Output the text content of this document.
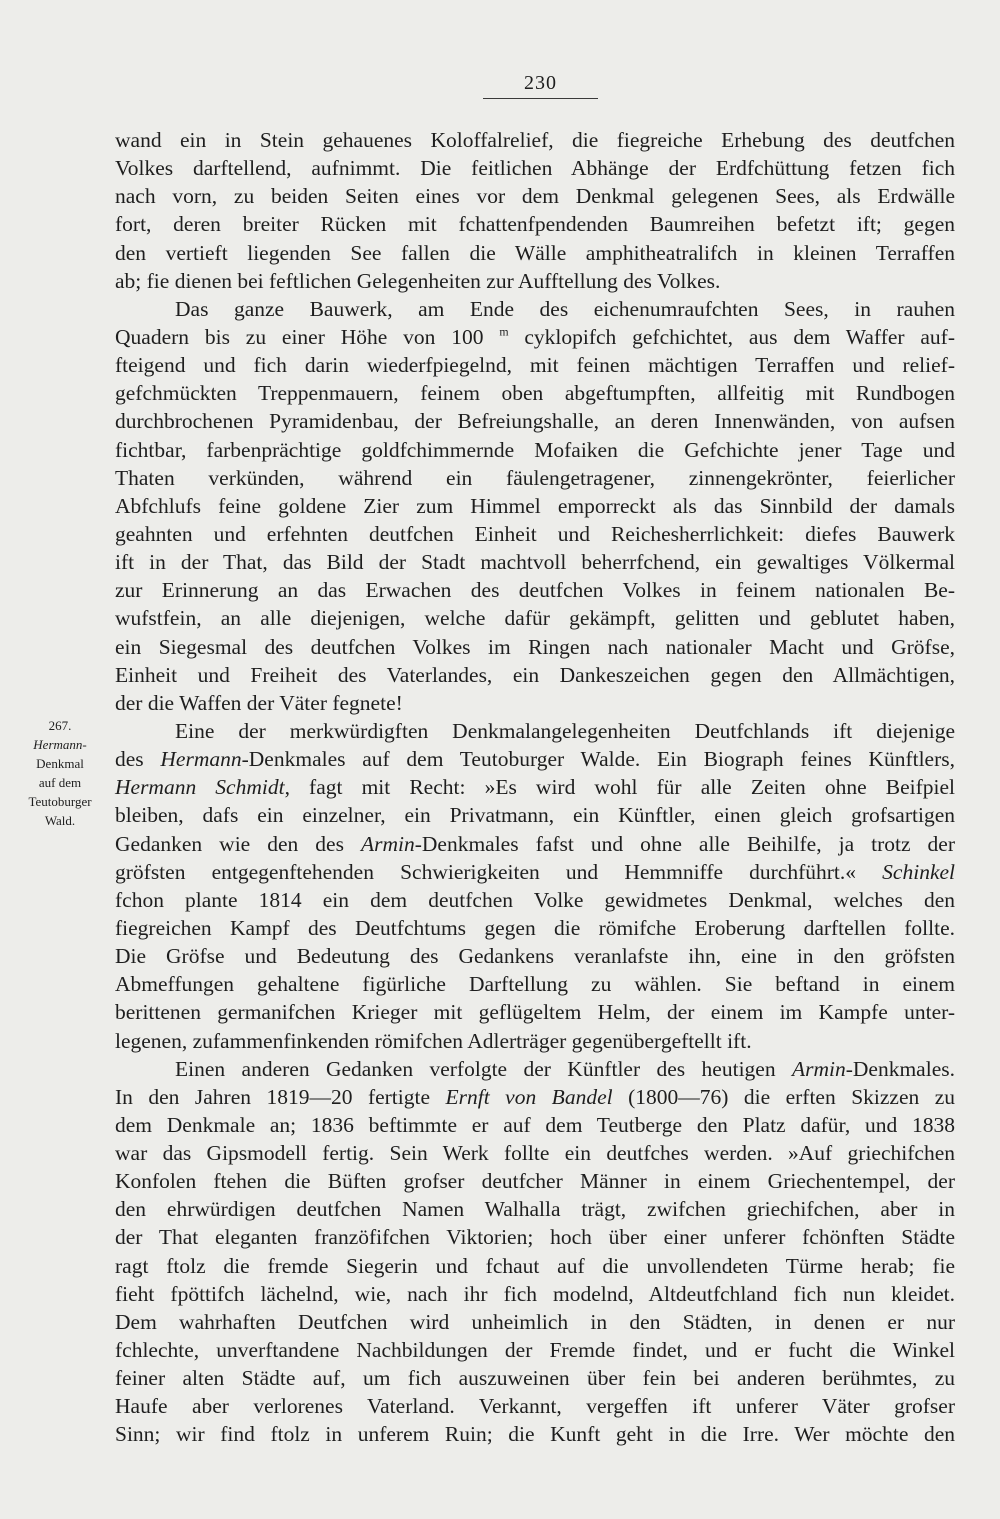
230
267.
Hermann-
Denkmal
auf dem
Teutoburger
Wald.
wand ein in Stein gehauenes Koloffalrelief, die fiegreiche Erhebung des deutfchen
Volkes darftellend, aufnimmt. Die feitlichen Abhänge der Erdfchüttung fetzen fich
nach vorn, zu beiden Seiten eines vor dem Denkmal gelegenen Sees, als Erdwälle
fort, deren breiter Rücken mit fchattenfpendenden Baumreihen befetzt ift; gegen
den vertieft liegenden See fallen die Wälle amphitheatralifch in kleinen Terraffen
ab; fie dienen bei feftlichen Gelegenheiten zur Aufftellung des Volkes.
Das ganze Bauwerk, am Ende des eichenumraufchten Sees, in rauhen
Quadern bis zu einer Höhe von 100 $^m$ cyklopifch gefchichtet, aus dem Waffer auf-
fteigend und fich darin wiederfpiegelnd, mit feinen mächtigen Terraffen und relief-
gefchmückten Treppenmauern, feinem oben abgeftumpften, allfeitig mit Rundbogen
durchbrochenen Pyramidenbau, der Befreiungshalle, an deren Innenwänden, von aufsen
fichtbar, farbenprächtige goldfchimmernde Mofaiken die Gefchichte jener Tage und
Thaten verkünden, während ein fäulengetragener, zinnengekrönter, feierlicher
Abfchlufs feine goldene Zier zum Himmel emporreckt als das Sinnbild der damals
geahnten und erfehnten deutfchen Einheit und Reichesherrlichkeit: diefes Bauwerk
ift in der That, das Bild der Stadt machtvoll beherrfchend, ein gewaltiges Völkermal
zur Erinnerung an das Erwachen des deutfchen Volkes in feinem nationalen Be-
wufstfein, an alle diejenigen, welche dafür gekämpft, gelitten und geblutet haben,
ein Siegesmal des deutfchen Volkes im Ringen nach nationaler Macht und Gröfse,
Einheit und Freiheit des Vaterlandes, ein Dankeszeichen gegen den Allmächtigen,
der die Waffen der Väter fegnete!
Eine der merkwürdigften Denkmalangelegenheiten Deutfchlands ift diejenige
des Hermann-Denkmales auf dem Teutoburger Walde. Ein Biograph feines Künftlers,
Hermann Schmidt, fagt mit Recht: »Es wird wohl für alle Zeiten ohne Beifpiel
bleiben, dafs ein einzelner, ein Privatmann, ein Künftler, einen gleich grofsartigen
Gedanken wie den des Armin-Denkmales fafst und ohne alle Beihilfe, ja trotz der
gröfsten entgegenftehenden Schwierigkeiten und Hemmniffe durchführt.« Schinkel
fchon plante 1814 ein dem deutfchen Volke gewidmetes Denkmal, welches den
fiegreichen Kampf des Deutfchtums gegen die römifche Eroberung darftellen follte.
Die Gröfse und Bedeutung des Gedankens veranlafste ihn, eine in den gröfsten
Abmeffungen gehaltene figürliche Darftellung zu wählen. Sie beftand in einem
berittenen germanifchen Krieger mit geflügeltem Helm, der einem im Kampfe unter-
legenen, zufammenfinkenden römifchen Adlerträger gegenübergeftellt ift.
Einen anderen Gedanken verfolgte der Künftler des heutigen Armin-Denkmales.
In den Jahren 1819—20 fertigte Ernft von Bandel (1800—76) die erften Skizzen zu
dem Denkmale an; 1836 beftimmte er auf dem Teutberge den Platz dafür, und 1838
war das Gipsmodell fertig. Sein Werk follte ein deutfches werden. »Auf griechifchen
Konfolen ftehen die Büften grofser deutfcher Männer in einem Griechentempel, der
den ehrwürdigen deutfchen Namen Walhalla trägt, zwifchen griechifchen, aber in
der That eleganten franzöfifchen Viktorien; hoch über einer unferer fchönften Städte
ragt ftolz die fremde Siegerin und fchaut auf die unvollendeten Türme herab; fie
fieht fpöttifch lächelnd, wie, nach ihr fich modelnd, Altdeutfchland fich nun kleidet.
Dem wahrhaften Deutfchen wird unheimlich in den Städten, in denen er nur
fchlechte, unverftandene Nachbildungen der Fremde findet, und er fucht die Winkel
feiner alten Städte auf, um fich auszuweinen über fein bei anderen berühmtes, zu
Haufe aber verlorenes Vaterland. Verkannt, vergeffen ift unferer Väter grofser
Sinn; wir find ftolz in unferem Ruin; die Kunft geht in die Irre. Wer möchte den
